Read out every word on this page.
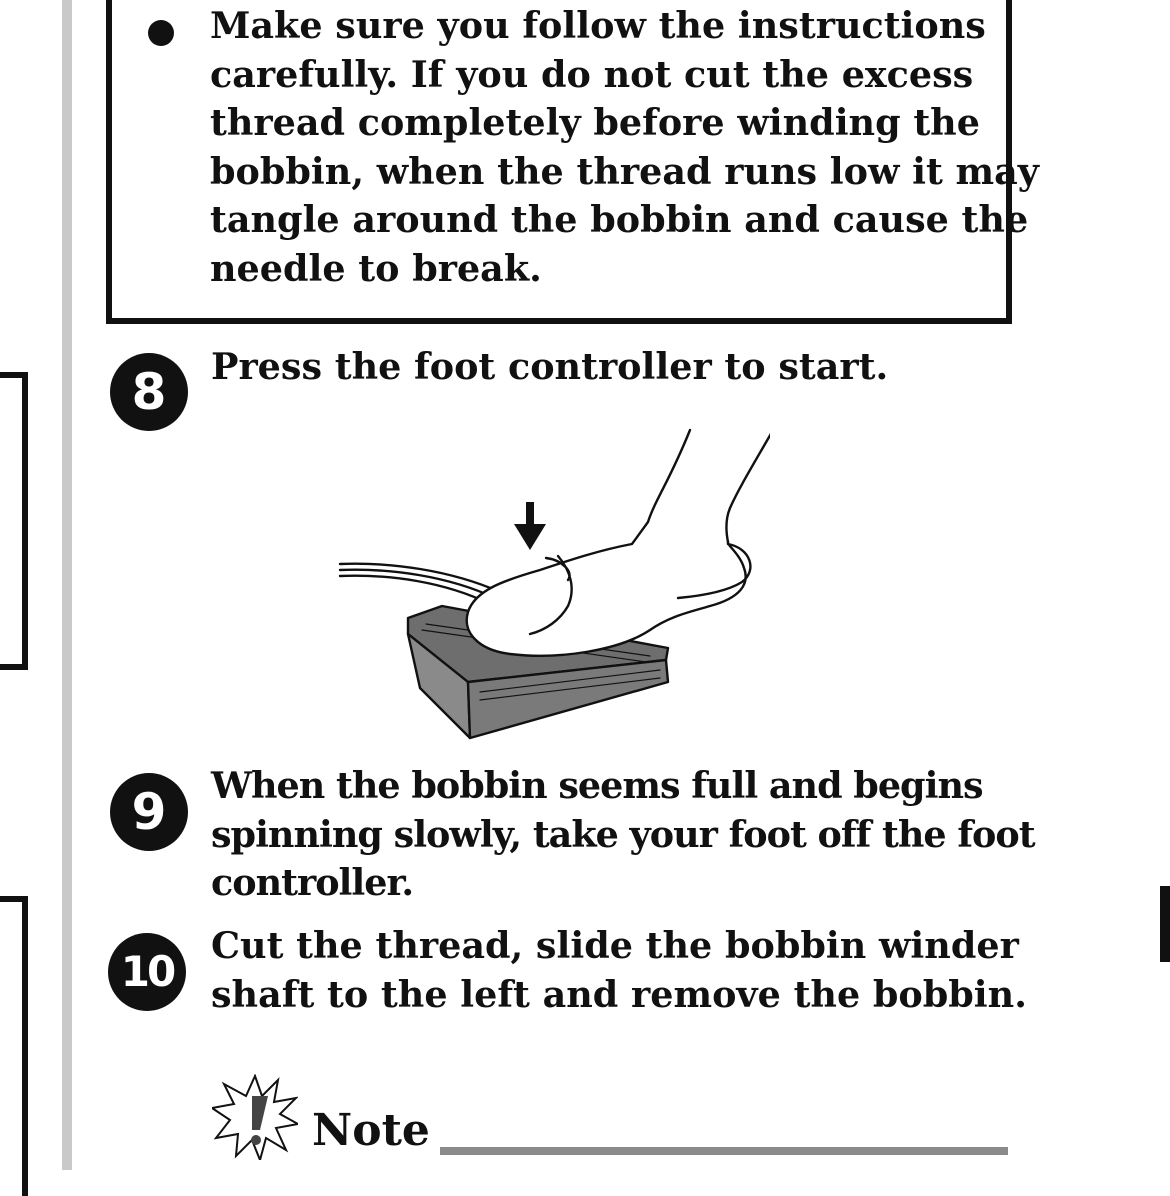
Make sure you follow the instructions
carefully. If you do not cut the excess
thread completely before winding the
bobbin, when the thread runs low it may
tangle around the bobbin and cause the
needle to break.
8	Press the foot controller to start.
9	When the bobbin seems full and begins
spinning slowly, take your foot off the foot
controller.
10
Cut the thread, slide the bobbin winder
shaft to the left and remove the bobbin.
Note
